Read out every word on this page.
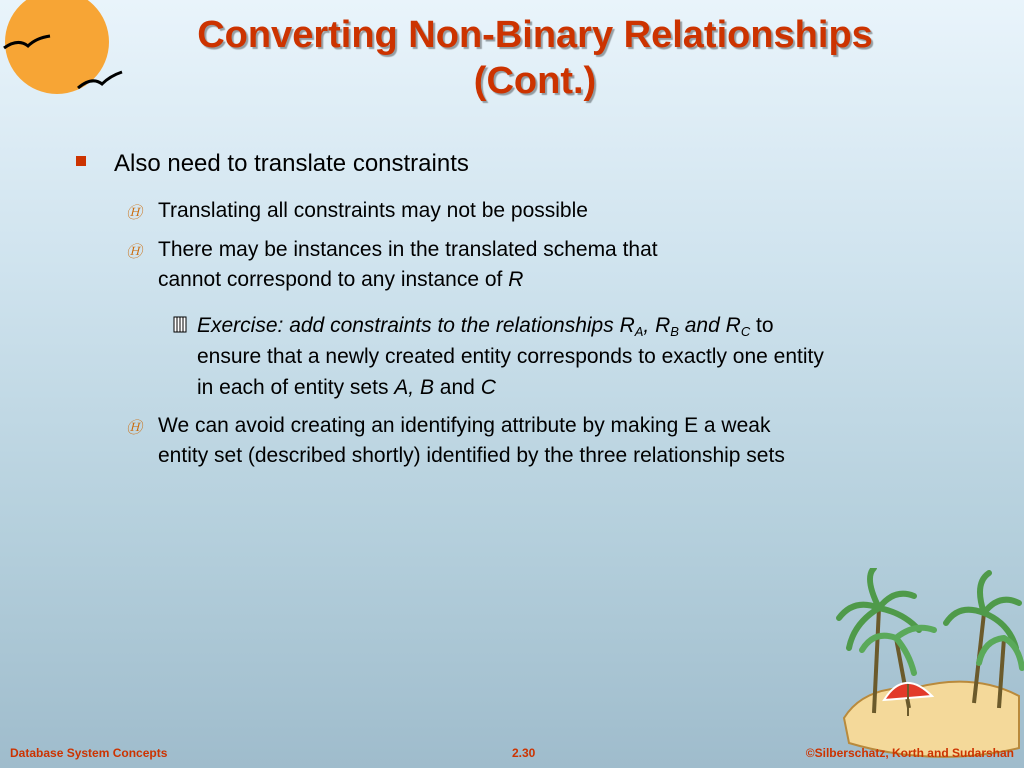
Converting Non-Binary Relationships
(Cont.)
Also need to translate constraints
Ⓗ Translating all constraints may not be possible
Ⓗ There may be instances in the translated schema that
cannot correspond to any instance of R
Exercise: add constraints to the relationships $R_A$, $R_B$ and $R_C$ to
ensure that a newly created entity corresponds to exactly one entity
in each of entity sets A, B and C
Ⓗ We can avoid creating an identifying attribute by making E a weak
entity set (described shortly) identified by the three relationship sets
Database System Concepts	2.30	©Silberschatz, Korth and Sudarshan
